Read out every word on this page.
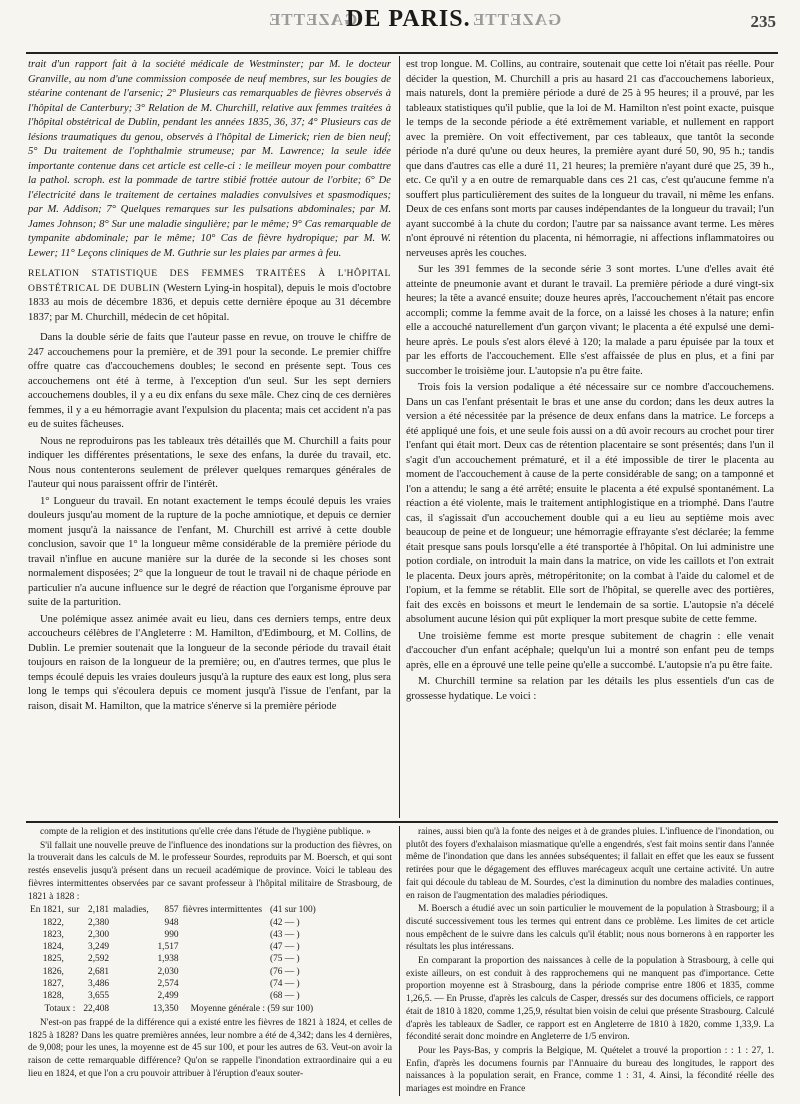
GAZETTE
DE PARIS. GAZETTE	235

trait d'un rapport fait à la société médicale de Westminster; par M. le docteur Granville, au nom d'une commission composée de neuf membres, sur les bougies de stéarine contenant de l'arsenic; 2° Plusieurs cas remarquables de fièvres observés à l'hôpital de Canterbury; 3° Relation de M. Churchill, relative aux femmes traitées à l'hôpital obstétrical de Dublin, pendant les années 1835, 36, 37; 4° Plusieurs cas de lésions traumatiques du genou, observés à l'hôpital de Limerick; rien de bien neuf; 5° Du traitement de l'ophthalmie strumeuse; par M. Lawrence; la seule idée importante contenue dans cet article est celle-ci : le meilleur moyen pour combattre la pathol. scroph. est la pommade de tartre stibié frottée autour de l'orbite; 6° De l'électricité dans le traitement de certaines maladies convulsives et spasmodiques; par M. Addison; 7° Quelques remarques sur les pulsations abdominales; par M. James Johnson; 8° Sur une maladie singulière; par le même; 9° Cas remarquable de tympanite abdominale; par le même; 10° Cas de fièvre hydropique; par M. W. Lewer; 11° Leçons cliniques de M. Guthrie sur les plaies par armes à feu.

RELATION STATISTIQUE DES FEMMES TRAITÉES À L'HÔPITAL OBSTÉTRICAL DE DUBLIN (Western Lying-in hospital), depuis le mois d'octobre 1833 au mois de décembre 1836, et depuis cette dernière époque au 31 décembre 1837; par M. Churchill, médecin de cet hôpital.

Dans la double série de faits que l'auteur passe en revue, on trouve le chiffre de 247 accouchemens pour la première, et de 391 pour la seconde. Le premier chiffre offre quatre cas d'accouchemens doubles; le second en présente sept. Tous ces accouchemens ont été à terme, à l'exception d'un seul. Sur les sept derniers accouchemens doubles, il y a eu dix enfans du sexe mâle. Chez cinq de ces dernières femmes, il y a eu hémorragie avant l'expulsion du placenta; mais cet accident n'a pas eu de suites fâcheuses.

Nous ne reproduirons pas les tableaux très détaillés que M. Churchill a faits pour indiquer les différentes présentations, le sexe des enfans, la durée du travail, etc. Nous nous contenterons seulement de prélever quelques remarques générales de l'auteur qui nous paraissent offrir de l'intérêt.

1° Longueur du travail. En notant exactement le temps écoulé depuis les vraies douleurs jusqu'au moment de la rupture de la poche amniotique, et depuis ce dernier moment jusqu'à la naissance de l'enfant, M. Churchill est arrivé à cette double conclusion, savoir que 1° la longueur même considérable de la première période du travail n'influe en aucune manière sur la durée de la seconde si les choses sont normalement disposées; 2° que la longueur de tout le travail ni de chaque période en particulier n'a aucune influence sur le degré de réaction que l'organisme éprouve par suite de la parturition.

Une polémique assez animée avait eu lieu, dans ces derniers temps, entre deux accoucheurs célèbres de l'Angleterre : M. Hamilton, d'Edimbourg, et M. Collins, de Dublin. Le premier soutenait que la longueur de la seconde période du travail était toujours en raison de la longueur de la première; ou, en d'autres termes, que plus le temps écoulé depuis les vraies douleurs jusqu'à la rupture des eaux est long, plus sera long le temps qui s'écoulera depuis ce moment jusqu'à l'issue de l'enfant, par la raison, disait M. Hamilton, que la matrice s'énerve si la première période

est trop longue. M. Collins, au contraire, soutenait que cette loi n'était pas réelle. Pour décider la question, M. Churchill a pris au hasard 21 cas d'accouchemens laborieux, mais naturels, dont la première période a duré de 25 à 95 heures; il a prouvé, par les tableaux statistiques qu'il publie, que la loi de M. Hamilton n'est point exacte, puisque le temps de la seconde période a été extrêmement variable, et nullement en rapport avec la première. On voit effectivement, par ces tableaux, que tantôt la seconde période n'a duré qu'une ou deux heures, la première ayant duré 50, 90, 95 h.; tandis que dans d'autres cas elle a duré 11, 21 heures; la première n'ayant duré que 25, 39 h., etc. Ce qu'il y a en outre de remarquable dans ces 21 cas, c'est qu'aucune femme n'a souffert plus particulièrement des suites de la longueur du travail, ni même les enfans. Deux de ces enfans sont morts par causes indépendantes de la longueur du travail; l'un ayant succombé à la chute du cordon; l'autre par sa naissance avant terme. Les mères n'ont éprouvé ni rétention du placenta, ni hémorragie, ni affections inflammatoires ou nerveuses après les couches.

Sur les 391 femmes de la seconde série 3 sont mortes. L'une d'elles avait été atteinte de pneumonie avant et durant le travail. La première période a duré vingt-six heures; la tête a avancé ensuite; douze heures après, l'accouchement n'était pas encore accompli; comme la femme avait de la force, on a laissé les choses à la nature; enfin elle a accouché naturellement d'un garçon vivant; le placenta a été expulsé une demi-heure après. Le pouls s'est alors élevé à 120; la malade a paru épuisée par la toux et par les efforts de l'accouchement. Elle s'est affaissée de plus en plus, et a fini par succomber le troisième jour. L'autopsie n'a pu être faite.

Trois fois la version podalique a été nécessaire sur ce nombre d'accouchemens. Dans un cas l'enfant présentait le bras et une anse du cordon; dans les deux autres la version a été nécessitée par la présence de deux enfans dans la matrice. Le forceps a été appliqué une fois, et une seule fois aussi on a dû avoir recours au crochet pour tirer l'enfant qui était mort. Deux cas de rétention placentaire se sont présentés; dans l'un il s'agit d'un accouchement prématuré, et il a été impossible de tirer le placenta au moment de l'accouchement à cause de la perte considérable de sang; on a tamponné et l'on a attendu; le sang a été arrêté; ensuite le placenta a été expulsé spontanément. La réaction a été violente, mais le traitement antiphlogistique en a triomphé. Dans l'autre cas, il s'agissait d'un accouchement double qui a eu lieu au septième mois avec beaucoup de peine et de longueur; une hémorragie effrayante s'est déclarée; la femme était presque sans pouls lorsqu'elle a été transportée à l'hôpital. On lui administre une potion cordiale, on introduit la main dans la matrice, on vide les caillots et l'on extrait le placenta. Deux jours après, métropéritonite; on la combat à l'aide du calomel et de l'opium, et la femme se rétablit. Elle sort de l'hôpital, se querelle avec des portières, fait des excès en boissons et meurt le lendemain de sa sortie. L'autopsie n'a décelé absolument aucune lésion qui pût expliquer la mort presque subite de cette femme.

Une troisième femme est morte presque subitement de chagrin : elle venait d'accoucher d'un enfant acéphale; quelqu'un lui a montré son enfant peu de temps après, elle en a éprouvé une telle peine qu'elle a succombé. L'autopsie n'a pu être faite.

M. Churchill termine sa relation par les détails les plus essentiels d'un cas de grossesse hydatique. Le voici :

compte de la religion et des institutions qu'elle crée dans l'étude de l'hygiène publique. »

S'il fallait une nouvelle preuve de l'influence des inondations sur la production des fièvres, on la trouverait dans les calculs de M. le professeur Sourdes, reproduits par M. Boersch, et qui sont restés ensevelis jusqu'à présent dans un recueil académique de province. Voici le tableau des fièvres intermittentes observées par ce savant professeur à l'hôpital militaire de Strasbourg, de 1821 à 1828 :

En 1821,	sur	2,181	maladies,	857	fièvres intermittentes	(41 sur 100)
1822,		2,380		948		(42 — )
1823,		2,300		990		(43 — )
1824,		3,249		1,517		(47 — )
1825,		2,592		1,938		(75 — )
1826,		2,681		2,030		(76 — )
1827,		3,486		2,574		(74 — )
1828,		3,655		2,499		(68 — )
Totaux :		22,408		13,350	Moyenne générale : (59 sur 100)	

N'est-on pas frappé de la différence qui a existé entre les fièvres de 1821 à 1824, et celles de 1825 à 1828? Dans les quatre premières années, leur nombre a été de 4,342; dans les 4 dernières, de 9,008; pour les unes, la moyenne est de 45 sur 100, et pour les autres de 63. Veut-on avoir la raison de cette remarquable différence? Qu'on se rappelle l'inondation extraordinaire qui a eu lieu en 1824, et que l'on a cru pouvoir attribuer à l'éruption d'eaux souter-

raines, aussi bien qu'à la fonte des neiges et à de grandes pluies. L'influence de l'inondation, ou plutôt des foyers d'exhalaison miasmatique qu'elle a engendrés, s'est fait moins sentir dans l'année même de l'inondation que dans les années subséquentes; il fallait en effet que les eaux se fussent retirées pour que le dégagement des effluves marécageux acquît une certaine activité. Un autre fait qui découle du tableau de M. Sourdes, c'est la diminution du nombre des maladies continues, en raison de l'augmentation des maladies périodiques.

M. Boersch a étudié avec un soin particulier le mouvement de la population à Strasbourg; il a discuté successivement tous les termes qui entrent dans ce problème. Les limites de cet article nous empêchent de le suivre dans les calculs qu'il établit; nous nous bornerons à en rapporter les résultats les plus intéressans.

En comparant la proportion des naissances à celle de la population à Strasbourg, à celle qui existe ailleurs, on est conduit à des rapprochemens qui ne manquent pas d'importance. Cette proportion moyenne est à Strasbourg, dans la période comprise entre 1806 et 1835, comme 1,26,5. — En Prusse, d'après les calculs de Casper, dressés sur des documens officiels, ce rapport était de 1810 à 1820, comme 1,25,9, résultat bien voisin de celui que présente Strasbourg. Calculé d'après les tableaux de Sadler, ce rapport est en Angleterre de 1810 à 1820, comme 1,33,9. La fécondité serait donc moindre en Angleterre de 1/5 environ.

Pour les Pays-Bas, y compris la Belgique, M. Quételet a trouvé la proportion : : 1 : 27, 1. Enfin, d'après les documens fournis par l'Annuaire du bureau des longitudes, le rapport des naissances à la population serait, en France, comme 1 : 31, 4. Ainsi, la fécondité réelle des mariages est moindre en France
